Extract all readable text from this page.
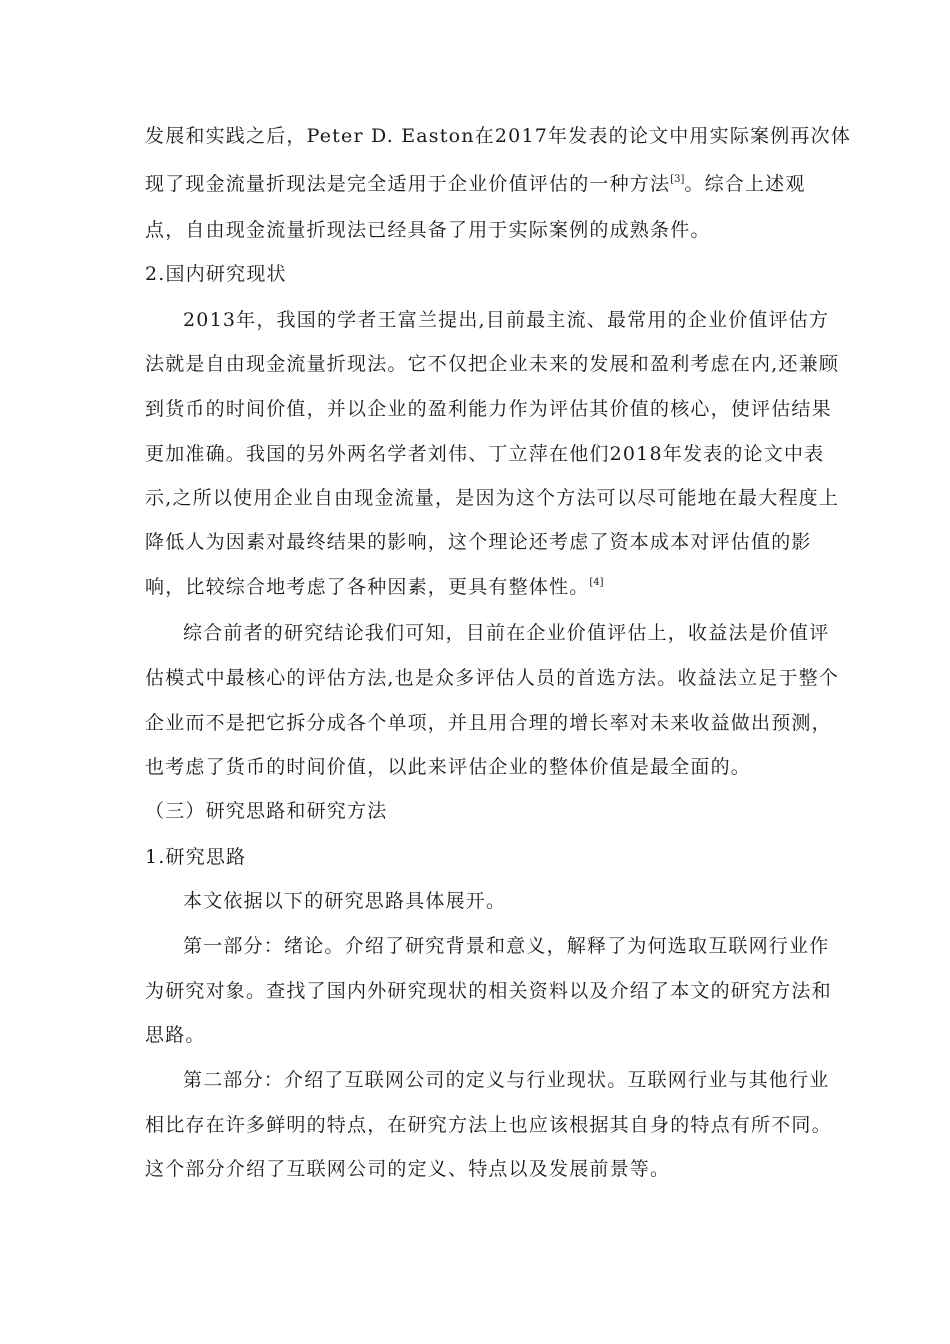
发展和实践之后，Peter D. Easton在2017年发表的论文中用实际案例再次体
现了现金流量折现法是完全适用于企业价值评估的一种方法[3]。综合上述观
点，自由现金流量折现法已经具备了用于实际案例的成熟条件。
2.国内研究现状
2013年，我国的学者王富兰提出,目前最主流、最常用的企业价值评估方
法就是自由现金流量折现法。它不仅把企业未来的发展和盈利考虑在内,还兼顾
到货币的时间价值，并以企业的盈利能力作为评估其价值的核心，使评估结果
更加准确。我国的另外两名学者刘伟、丁立萍在他们2018年发表的论文中表
示,之所以使用企业自由现金流量，是因为这个方法可以尽可能地在最大程度上
降低人为因素对最终结果的影响，这个理论还考虑了资本成本对评估值的影
响，比较综合地考虑了各种因素，更具有整体性。[4]
综合前者的研究结论我们可知，目前在企业价值评估上，收益法是价值评
估模式中最核心的评估方法,也是众多评估人员的首选方法。收益法立足于整个
企业而不是把它拆分成各个单项，并且用合理的增长率对未来收益做出预测，
也考虑了货币的时间价值，以此来评估企业的整体价值是最全面的。
（三）研究思路和研究方法
1.研究思路
本文依据以下的研究思路具体展开。
第一部分：绪论。介绍了研究背景和意义，解释了为何选取互联网行业作
为研究对象。查找了国内外研究现状的相关资料以及介绍了本文的研究方法和
思路。
第二部分：介绍了互联网公司的定义与行业现状。互联网行业与其他行业
相比存在许多鲜明的特点，在研究方法上也应该根据其自身的特点有所不同。
这个部分介绍了互联网公司的定义、特点以及发展前景等。
